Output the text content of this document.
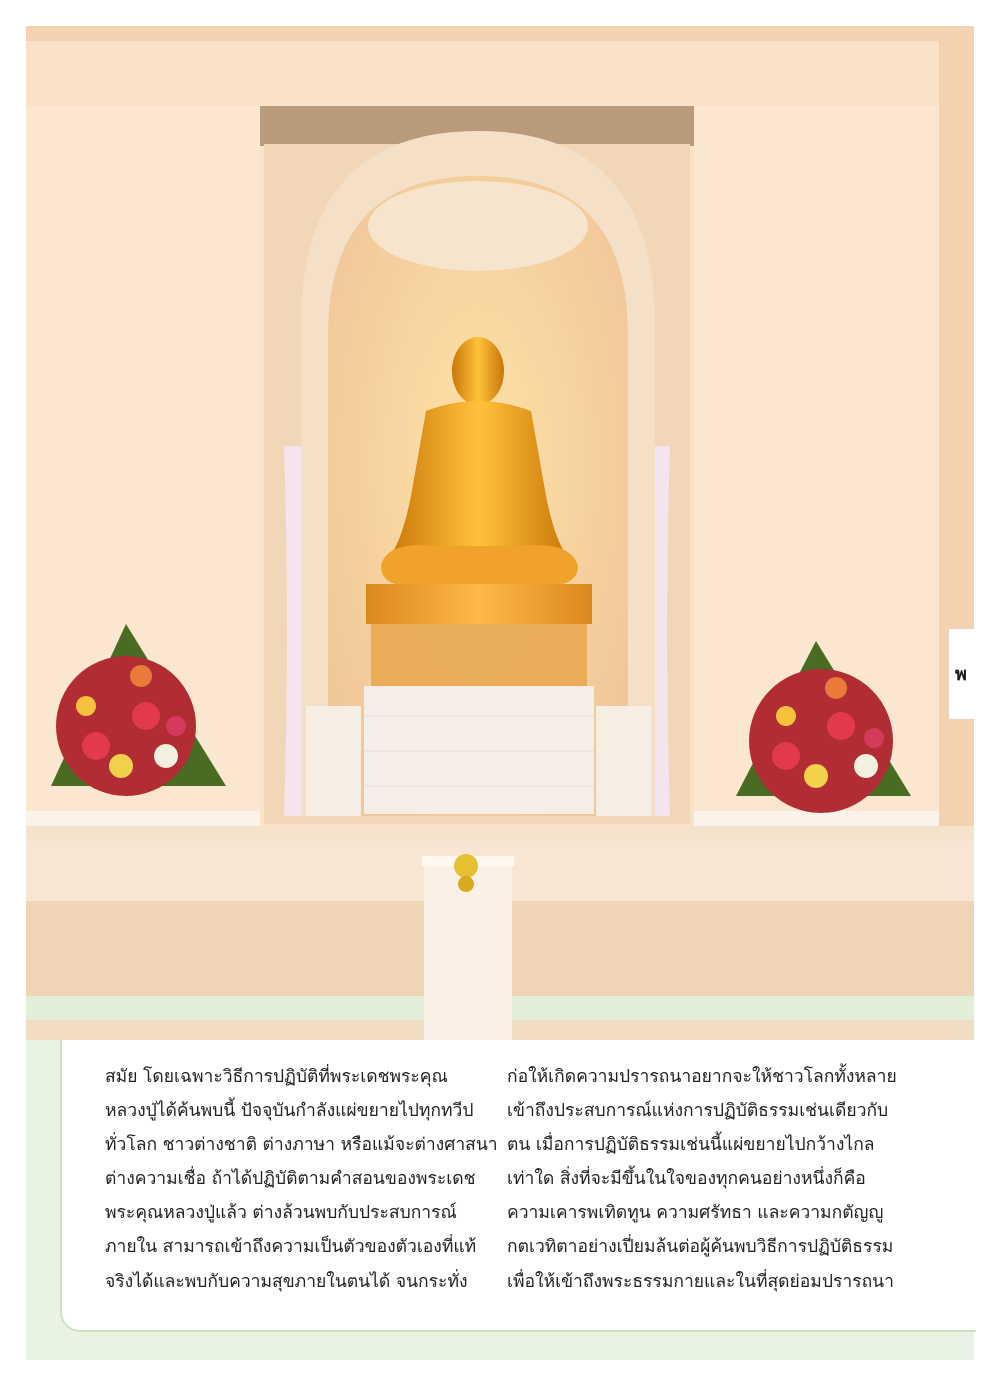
พ

สมัย โดยเฉพาะวิธีการปฏิบัติที่พระเดชพระคุณ

หลวงปู่ได้ค้นพบนี้ ปัจจุบันกำลังแผ่ขยายไปทุกทวีป

ทั่วโลก ชาวต่างชาติ ต่างภาษา หรือแม้จะต่างศาสนา

ต่างความเชื่อ ถ้าได้ปฏิบัติตามคำสอนของพระเดช

พระคุณหลวงปู่แล้ว ต่างล้วนพบกับประสบการณ์

ภายใน สามารถเข้าถึงความเป็นตัวของตัวเองที่แท้

จริงได้และพบกับความสุขภายในตนได้ จนกระทั่ง

ก่อให้เกิดความปรารถนาอยากจะให้ชาวโลกทั้งหลาย

เข้าถึงประสบการณ์แห่งการปฏิบัติธรรมเช่นเดียวกับ

ตน เมื่อการปฏิบัติธรรมเช่นนี้แผ่ขยายไปกว้างไกล

เท่าใด สิ่งที่จะมีขึ้นในใจของทุกคนอย่างหนึ่งก็คือ

ความเคารพเทิดทูน ความศรัทธา และความกตัญญู

กตเวทิตาอย่างเปี่ยมล้นต่อผู้ค้นพบวิธีการปฏิบัติธรรม

เพื่อให้เข้าถึงพระธรรมกายและในที่สุดย่อมปรารถนา
